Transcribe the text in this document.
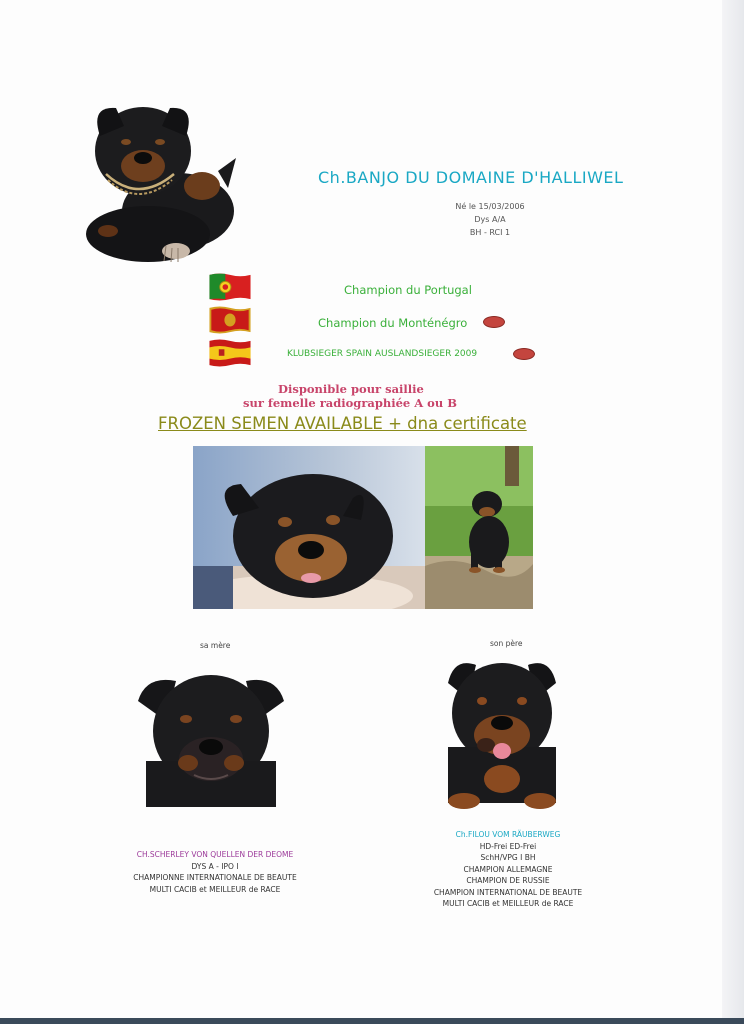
Ch.BANJO DU DOMAINE D'HALLIWEL
Né le 15/03/2006
Dys A/A
BH - RCI 1
Champion du Portugal
Champion du Monténégro
KLUBSIEGER SPAIN AUSLANDSIEGER 2009
Disponible pour saillie
sur femelle radiographiée A ou B
FROZEN SEMEN AVAILABLE + dna certificate
sa mère	son père
CH.SCHERLEY VON QUELLEN DER DEOME
DYS A - IPO I
CHAMPIONNE INTERNATIONALE DE BEAUTE
MULTI CACIB et MEILLEUR de RACE
Ch.FILOU VOM RÄUBERWEG
HD-Frei ED-Frei
SchH/VPG I BH
CHAMPION ALLEMAGNE
CHAMPION DE RUSSIE
CHAMPION INTERNATIONAL DE BEAUTE
MULTI CACIB et MEILLEUR de RACE
